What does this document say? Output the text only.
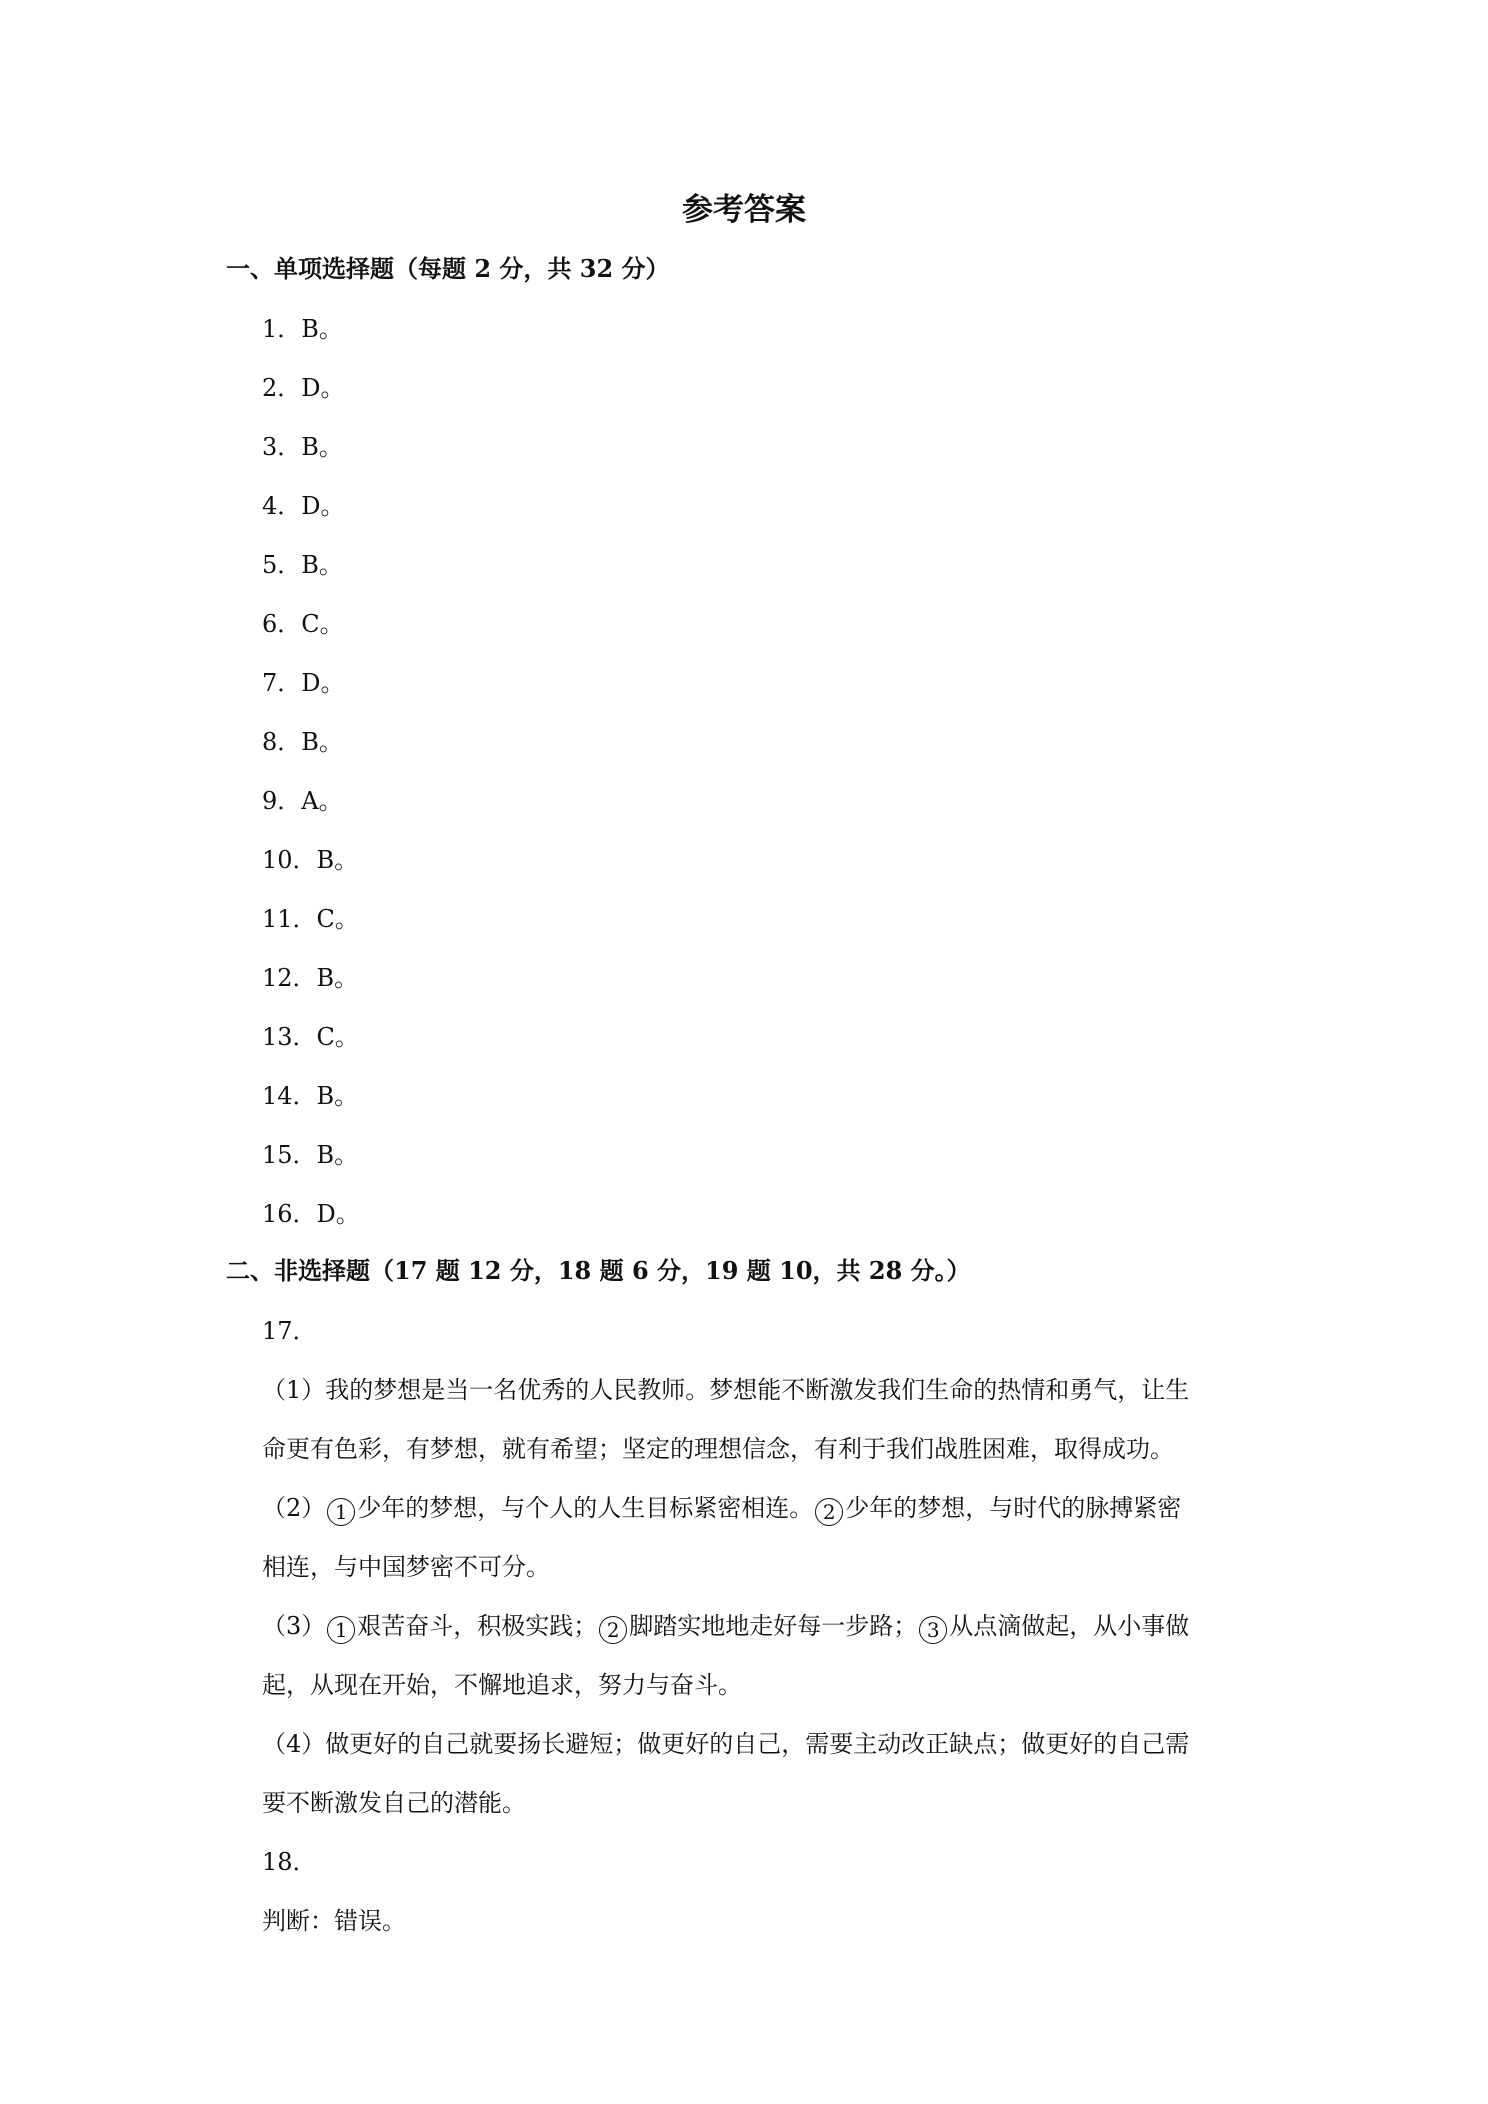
参考答案
一、单项选择题（每题 2 分，共 32 分）
1．B。
2．D。
3．B。
4．D。
5．B。
6．C。
7．D。
8．B。
9．A。
10．B。
11．C。
12．B。
13．C。
14．B。
15．B。
16．D。
二、非选择题（17 题 12 分，18 题 6 分，19 题 10，共 28 分。）
17．
（1）我的梦想是当一名优秀的人民教师。梦想能不断激发我们生命的热情和勇气，让生
命更有色彩，有梦想，就有希望；坚定的理想信念，有利于我们战胜困难，取得成功。
（2） 1 少年的梦想，与个人的人生目标紧密相连。 2 少年的梦想，与时代的脉搏紧密
相连，与中国梦密不可分。
（3） 1 艰苦奋斗，积极实践； 2 脚踏实地地走好每一步路； 3 从点滴做起，从小事做
起，从现在开始，不懈地追求，努力与奋斗。
（4）做更好的自己就要扬长避短；做更好的自己，需要主动改正缺点；做更好的自己需
要不断激发自己的潜能。
18．
判断：错误。
